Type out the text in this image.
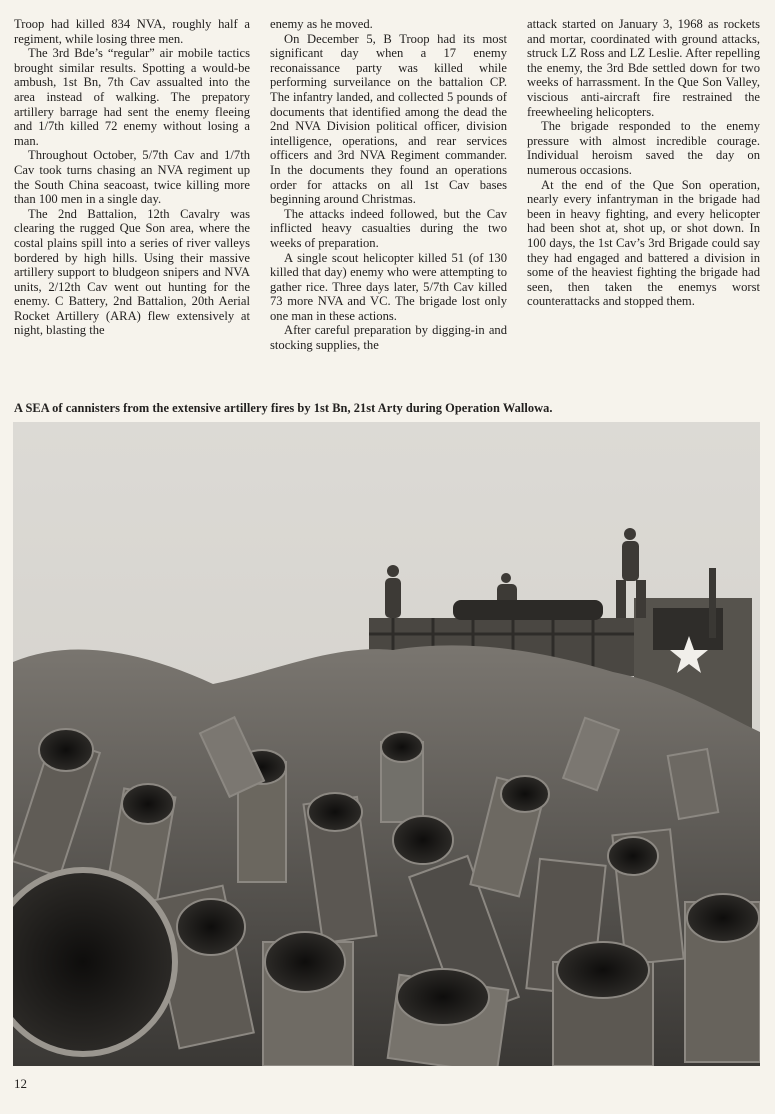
Troop had killed 834 NVA, roughly half a regiment, while losing three men.

The 3rd Bde’s “regular” air mobile tactics brought similar results. Spotting a would-be ambush, 1st Bn, 7th Cav assualted into the area instead of walking. The prepatory artillery barrage had sent the enemy fleeing and 1/7th killed 72 enemy without losing a man.

Throughout October, 5/7th Cav and 1/7th Cav took turns chasing an NVA regiment up the South China seacoast, twice killing more than 100 men in a single day.

The 2nd Battalion, 12th Cavalry was clearing the rugged Que Son area, where the costal plains spill into a series of river valleys bordered by high hills. Using their massive artillery support to bludgeon snipers and NVA units, 2/12th Cav went out hunting for the enemy. C Battery, 2nd Battalion, 20th Aerial Rocket Artillery (ARA) flew extensively at night, blasting the

enemy as he moved.

On December 5, B Troop had its most significant day when a 17 enemy reconaissance party was killed while performing surveilance on the battalion CP. The infantry landed, and collected 5 pounds of documents that identified among the dead the 2nd NVA Division political officer, division intelligence, operations, and rear services officers and 3rd NVA Regiment commander. In the documents they found an operations order for attacks on all 1st Cav bases beginning around Christmas.

The attacks indeed followed, but the Cav inflicted heavy casualties during the two weeks of preparation.

A single scout helicopter killed 51 (of 130 killed that day) enemy who were attempting to gather rice. Three days later, 5/7th Cav killed 73 more NVA and VC. The brigade lost only one man in these actions.

After careful preparation by digging-in and stocking supplies, the

attack started on January 3, 1968 as rockets and mortar, coordinated with ground attacks, struck LZ Ross and LZ Leslie. After repelling the enemy, the 3rd Bde settled down for two weeks of harrassment. In the Que Son Valley, viscious anti-aircraft fire restrained the freewheeling helicopters.

The brigade responded to the enemy pressure with almost incredible courage. Individual heroism saved the day on numerous occasions.

At the end of the Que Son operation, nearly every infantryman in the brigade had been in heavy fighting, and every helicopter had been shot at, shot up, or shot down. In 100 days, the 1st Cav’s 3rd Brigade could say they had engaged and battered a division in some of the heaviest fighting the brigade had seen, then taken the enemys worst counterattacks and stopped them.

A SEA of cannisters from the extensive artillery fires by 1st Bn, 21st Arty during Operation Wallowa.
12
